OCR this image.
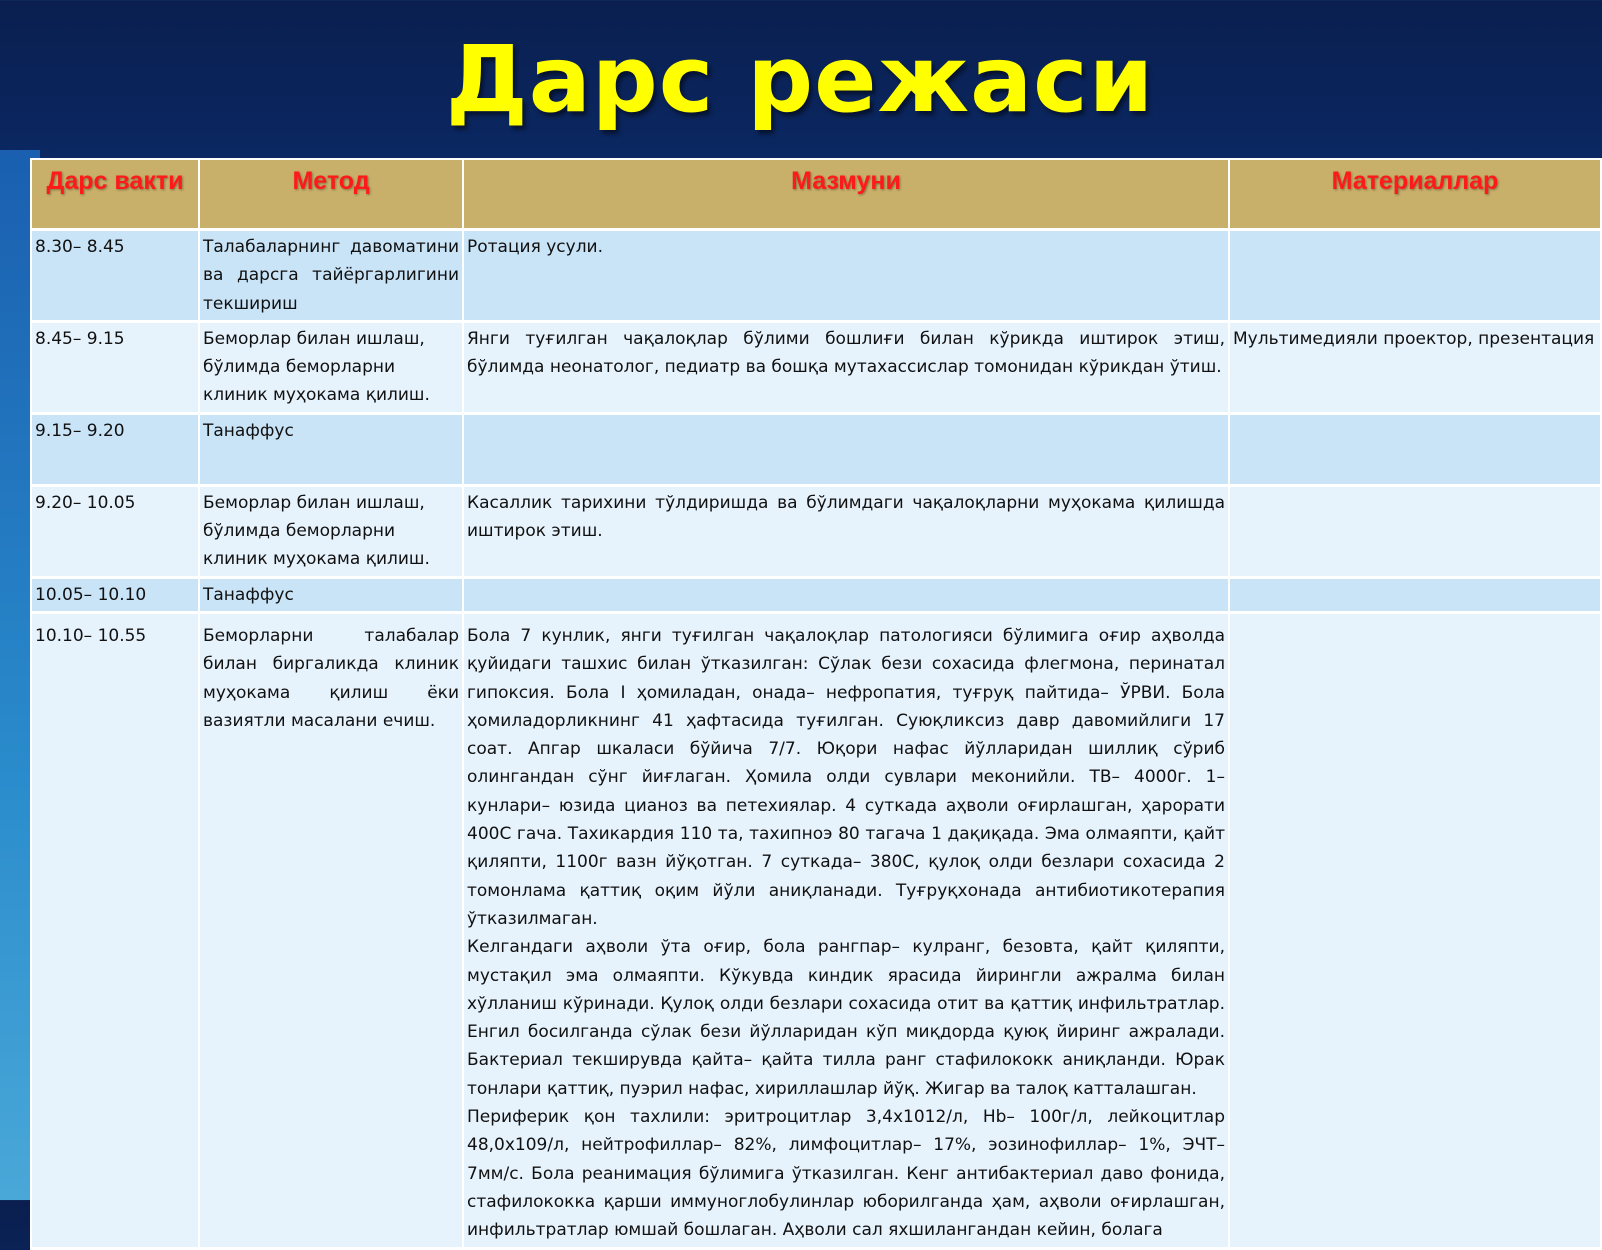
Дарс режаси
Дарс вакти	Метод	Мазмуни	Материаллар
8.30– 8.45	Талабаларнинг давоматини ва дарсга тайёргарлигини текшириш	Ротация усули.	
8.45– 9.15	Беморлар билан ишлаш, бўлимда беморларни клиник муҳокама қилиш.	Янги туғилган чақалоқлар бўлими бошлиғи билан кўрикда иштирок этиш, бўлимда неонатолог, педиатр ва бошқа мутахассислар томонидан кўрикдан ўтиш.	Мультимедияли проектор, презентация
9.15– 9.20	Танаффус		
9.20– 10.05	Беморлар билан ишлаш, бўлимда беморларни клиник муҳокама қилиш.	Касаллик тарихини тўлдиришда ва бўлимдаги чақалоқларни муҳокама қилишда иштирок этиш.	
10.05– 10.10	Танаффус		
10.10– 10.55	Беморларни талабалар билан биргаликда клиник муҳокама қилиш ёки вазиятли масалани ечиш.	Бола 7 кунлик, янги туғилган чақалоқлар патологияси бўлимига оғир аҳволда қуйидаги ташхис билан ўтказилган: Сўлак бези сохасида флегмона, перинатал гипоксия. Бола I ҳомиладан, онада– нефропатия, туғруқ пайтида– ЎРВИ. Бола ҳомиладорликнинг 41 ҳафтасида туғилган. Суюқликсиз давр давомийлиги 17 соат. Апгар шкаласи бўйича 7/7. Юқори нафас йўлларидан шиллиқ сўриб олингандан сўнг йиғлаган. Ҳомила олди сувлари меконийли. ТВ– 4000г. 1– кунлари– юзида цианоз ва петехиялар. 4 суткада аҳволи оғирлашган, ҳарорати 400С гача. Тахикардия 110 та, тахипноэ 80 тагача 1 дақиқада. Эма олмаяпти, қайт қиляпти, 1100г вазн йўқотган. 7 суткада– 380С, қулоқ олди безлари сохасида 2 томонлама қаттиқ оқим йўли аниқланади. Туғруқхонада антибиотикотерапия ўтказилмаган.

Келгандаги аҳволи ўта оғир, бола рангпар– кулранг, безовта, қайт қиляпти, мустақил эма олмаяпти. Кўкувда киндик ярасида йирингли ажралма билан хўлланиш кўринади. Қулоқ олди безлари сохасида отит ва қаттиқ инфильтратлар. Енгил босилганда сўлак бези йўлларидан кўп миқдорда қуюқ йиринг ажралади. Бактериал текширувда қайта– қайта тилла ранг стафилококк аниқланди. Юрак тонлари қаттиқ, пуэрил нафас, хириллашлар йўқ. Жигар ва талоқ катталашган.

Периферик қон тахлили: эритроцитлар 3,4х1012/л, Hb– 100г/л, лейкоцитлар 48,0х109/л, нейтрофиллар– 82%, лимфоцитлар– 17%, эозинофиллар– 1%, ЭЧТ– 7мм/с. Бола реанимация бўлимига ўтказилган. Кенг антибактериал даво фонида, стафилококка қарши иммуноглобулинлар юборилганда ҳам, аҳволи оғирлашган, инфильтратлар юмшай бошлаган. Аҳволи сал яхшилангандан кейин, болага	
